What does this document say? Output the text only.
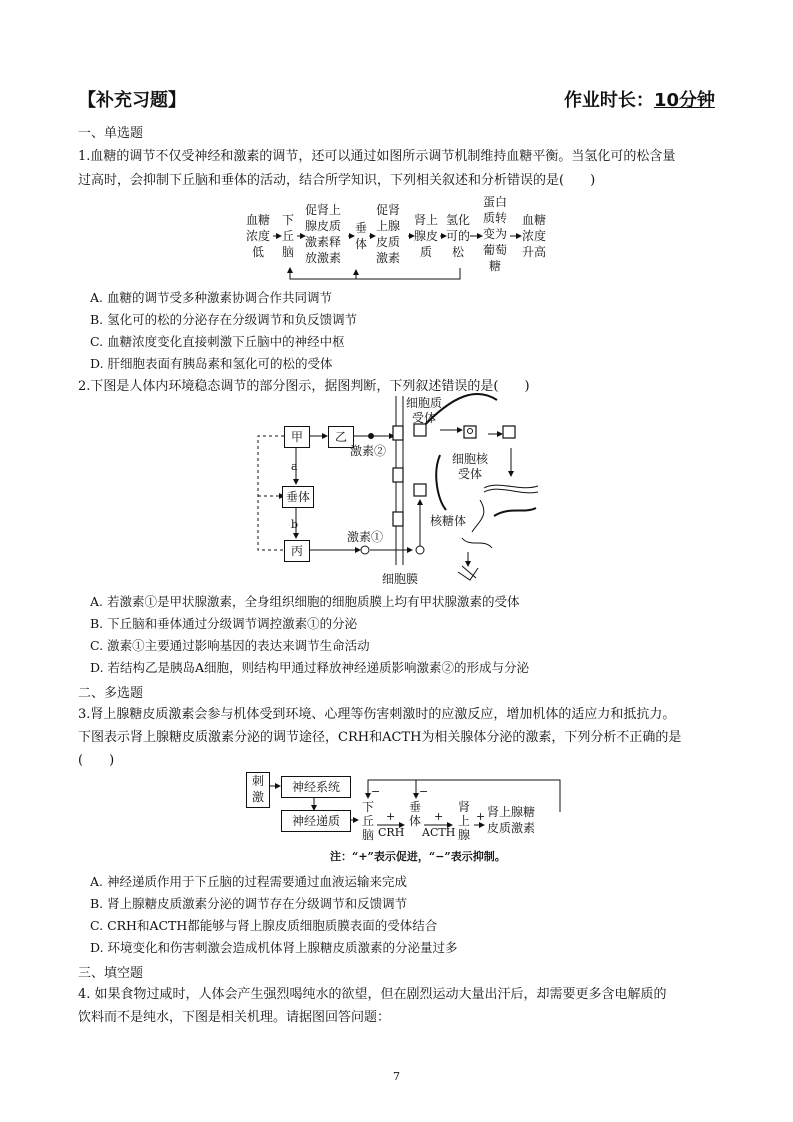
【补充习题】	作业时长：10分钟
一、单选题
1.血糖的调节不仅受神经和激素的调节，还可以通过如图所示调节机制维持血糖平衡。当氢化可的松含量
过高时，会抑制下丘脑和垂体的活动，结合所学知识，下列相关叙述和分析错误的是(　　)
血糖
浓度
低
下
丘
脑
促肾上
腺皮质
激素释
放激素
垂
体
促肾
上腺
皮质
激素
肾上
腺皮
质
氢化
可的
松
蛋白
质转
变为
葡萄
糖
血糖
浓度
升高
A. 血糖的调节受多种激素协调合作共同调节
B. 氢化可的松的分泌存在分级调节和负反馈调节
C. 血糖浓度变化直接刺激下丘脑中的神经中枢
D. 肝细胞表面有胰岛素和氢化可的松的受体
2.下图是人体内环境稳态调节的部分图示，据图判断，下列叙述错误的是(　　)
甲	乙
垂体
丙
a
b
激素②
激素①
细胞质
受体
细胞核
受体
核糖体
细胞膜
A. 若激素①是甲状腺激素，全身组织细胞的细胞质膜上均有甲状腺激素的受体
B. 下丘脑和垂体通过分级调节调控激素①的分泌
C. 激素①主要通过影响基因的表达来调节生命活动
D. 若结构乙是胰岛A细胞，则结构甲通过释放神经递质影响激素②的形成与分泌
二、多选题
3.肾上腺糖皮质激素会参与机体受到环境、心理等伤害刺激时的应激反应，增加机体的适应力和抵抗力。
下图表示肾上腺糖皮质激素分泌的调节途径，CRH和ACTH为相关腺体分泌的激素，下列分析不正确的是
(　　)
刺
激
神经系统
神经递质
下
丘
脑
垂
体
肾
上
腺
肾上腺糖
皮质激素
CRH ACTH
+	+	+
−	−
注：“+”表示促进，“−”表示抑制。
A. 神经递质作用于下丘脑的过程需要通过血液运输来完成
B. 肾上腺糖皮质激素分泌的调节存在分级调节和反馈调节
C. CRH和ACTH都能够与肾上腺皮质细胞质膜表面的受体结合
D. 环境变化和伤害刺激会造成机体肾上腺糖皮质激素的分泌量过多
三、填空题
4. 如果食物过咸时，人体会产生强烈喝纯水的欲望，但在剧烈运动大量出汗后，却需要更多含电解质的
饮料而不是纯水，下图是相关机理。请据图回答问题：
7
